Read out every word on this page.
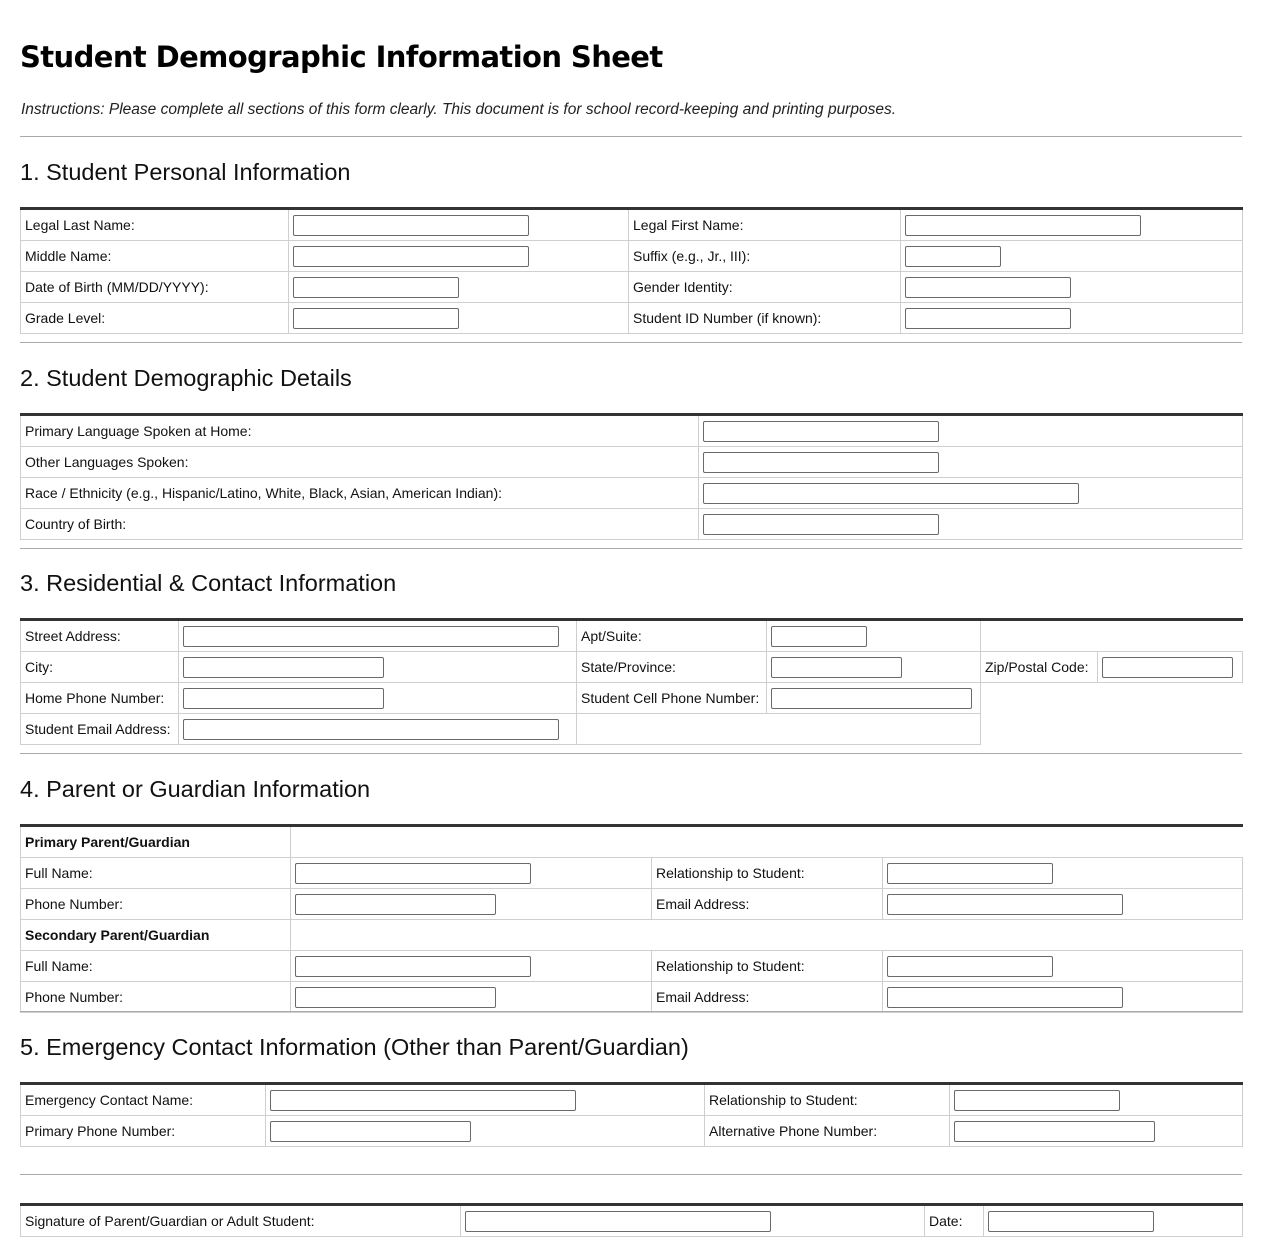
Student Demographic Information Sheet

Instructions: Please complete all sections of this form clearly. This document is for school record-keeping and printing purposes.

1. Student Personal Information
Legal Last Name:		Legal First Name:	

Middle Name:		Suffix (e.g., Jr., III):	

Date of Birth (MM/DD/YYYY):		Gender Identity:	

Grade Level:		Student ID Number (if known):	
2. Student Demographic Details
Primary Language Spoken at Home:	

Other Languages Spoken:	

Race / Ethnicity (e.g., Hispanic/Latino, White, Black, Asian, American Indian):	

Country of Birth:	
3. Residential & Contact Information
Street Address:		Apt/Suite:		

City:		State/Province:		Zip/Postal Code:	

Home Phone Number:		Student Cell Phone Number:		

Student Email Address:			

4. Parent or Guardian Information
Primary Parent/Guardian			
Full Name:		Relationship to Student:	

Phone Number:		Email Address:	

Secondary Parent/Guardian			
Full Name:		Relationship to Student:	

Phone Number:		Email Address:	
5. Emergency Contact Information (Other than Parent/Guardian)
Emergency Contact Name:		Relationship to Student:	

Primary Phone Number:		Alternative Phone Number:	
Signature of Parent/Guardian or Adult Student:		Date:	
